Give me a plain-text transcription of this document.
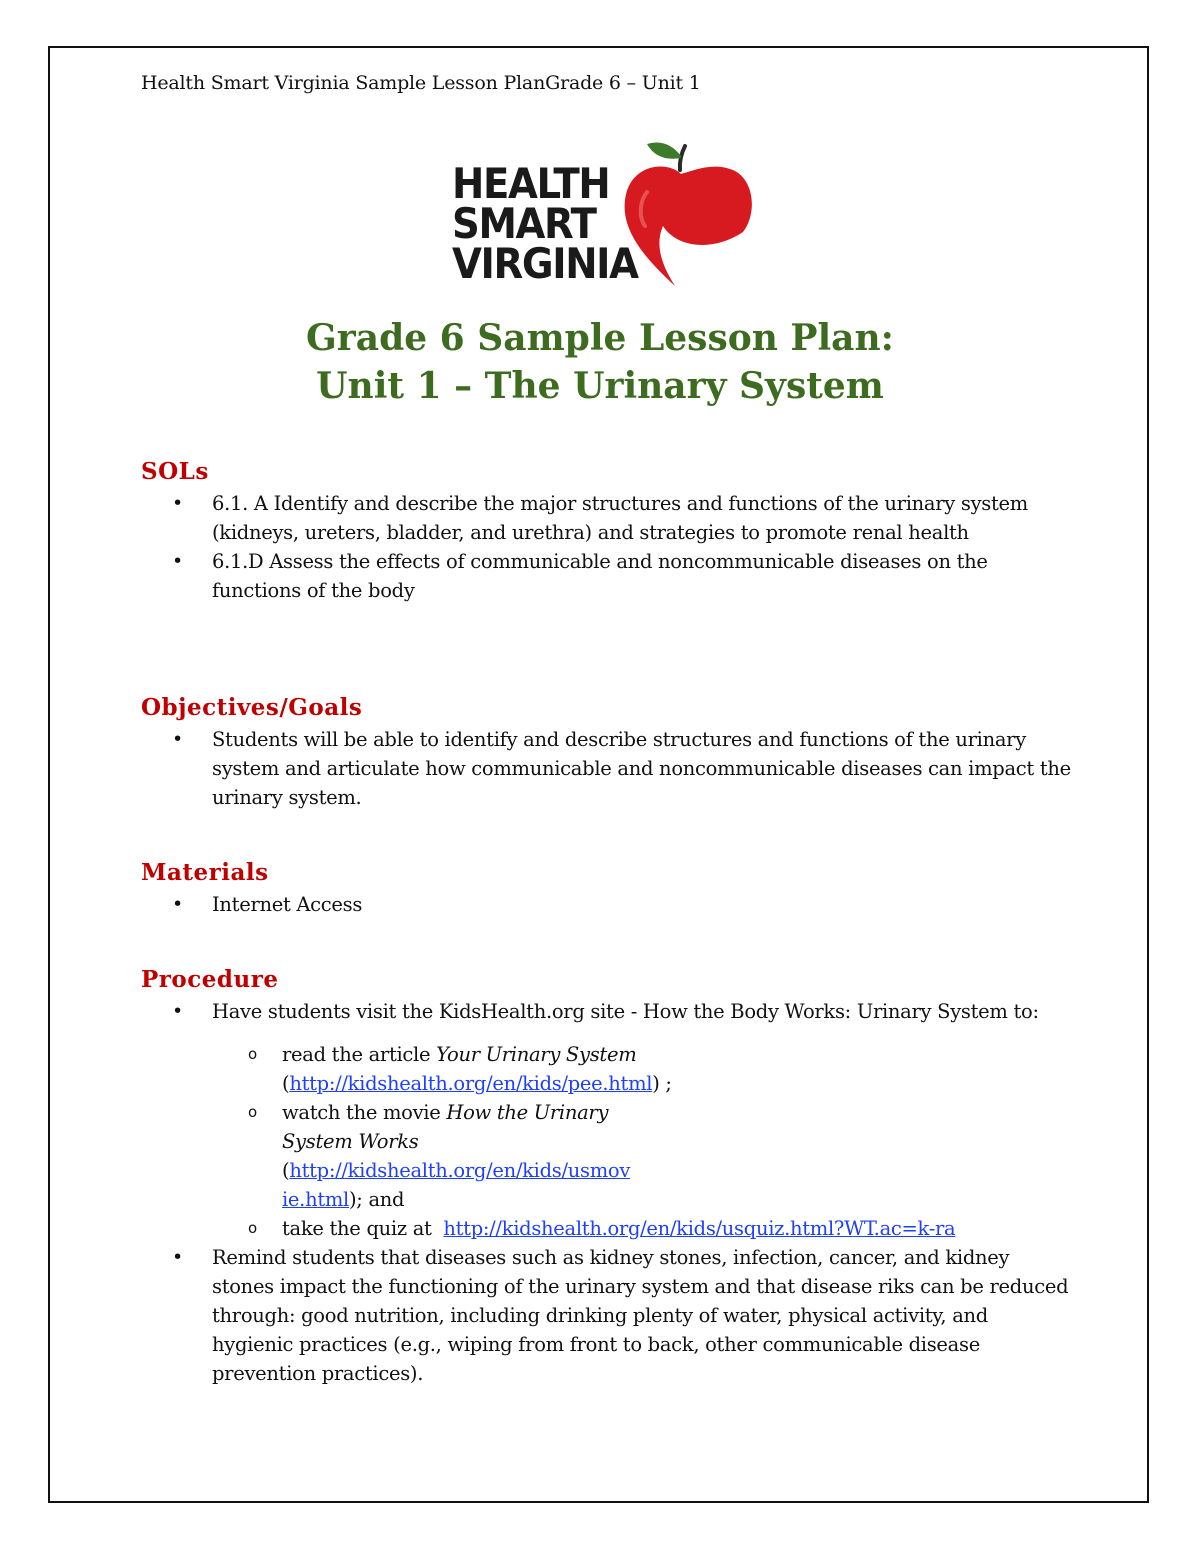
Health Smart Virginia Sample Lesson PlanGrade 6 – Unit 1
HEALTH
SMART
VIRGINIA
Grade 6 Sample Lesson Plan:
Unit 1 – The Urinary System
SOLs
• 6.1. A Identify and describe the major structures and functions of the urinary system (kidneys, ureters, bladder, and urethra) and strategies to promote renal health
• 6.1.D Assess the effects of communicable and noncommunicable diseases on the functions of the body
Objectives/Goals
• Students will be able to identify and describe structures and functions of the urinary system and articulate how communicable and noncommunicable diseases can impact the urinary system.
Materials
• Internet Access
Procedure
• Have students visit the KidsHealth.org site - How the Body Works: Urinary System to:
o read the article Your Urinary System
(http://kidshealth.org/en/kids/pee.html) ;
o watch the movie How the Urinary
System Works
(http://kidshealth.org/en/kids/usmov
ie.html); and
o take the quiz at  http://kidshealth.org/en/kids/usquiz.html?WT.ac=k-ra
• Remind students that diseases such as kidney stones, infection, cancer, and kidney stones impact the functioning of the urinary system and that disease riks can be reduced through: good nutrition, including drinking plenty of water, physical activity, and hygienic practices (e.g., wiping from front to back, other communicable disease prevention practices).
